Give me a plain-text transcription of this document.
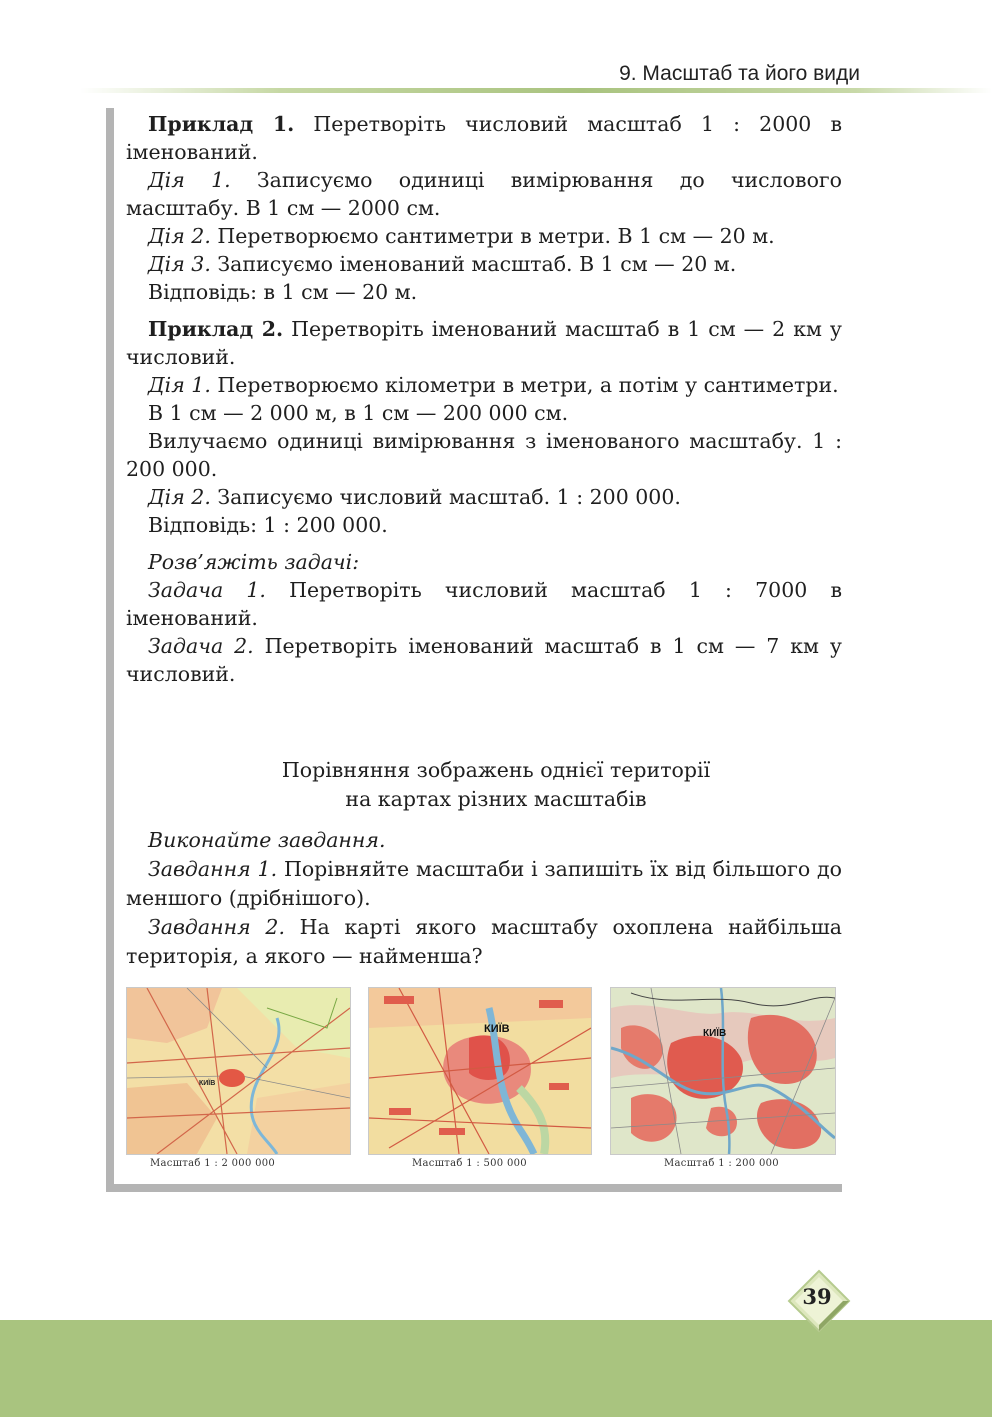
9. Масштаб та його види

Приклад 1. Перетворіть числовий масштаб 1 : 2000 в іменований.

Дія 1. Записуємо одиниці вимірювання до числового масштабу. В 1 см — 2000 см.

Дія 2. Перетворюємо сантиметри в метри. В 1 см — 20 м.

Дія 3. Записуємо іменований масштаб. В 1 см — 20 м.

Відповідь: в 1 см — 20 м.

Приклад 2. Перетворіть іменований масштаб в 1 см — 2 км у числовий.

Дія 1. Перетворюємо кілометри в метри, а потім у сантиметри.

В 1 см — 2 000 м, в 1 см — 200 000 см.

Вилучаємо одиниці вимірювання з іменованого масштабу. 1 : 200 000.

Дія 2. Записуємо числовий масштаб. 1 : 200 000.

Відповідь: 1 : 200 000.

Розв’яжіть задачі:

Задача 1. Перетворіть числовий масштаб 1 : 7000 в іменований.

Задача 2. Перетворіть іменований масштаб в 1 см — 7 км у числовий.

Порівняння зображень однієї території
на картах різних масштабів

Виконайте завдання.

Завдання 1. Порівняйте масштаби і запишіть їх від більшого до меншого (дрібнішого).

Завдання 2. На карті якого масштабу охоплена найбільша територія, а якого — найменша?

КИЇВ
Масштаб 1 : 2 000 000
КИЇВ
Масштаб 1 : 500 000
КИЇВ
Масштаб 1 : 200 000
39
